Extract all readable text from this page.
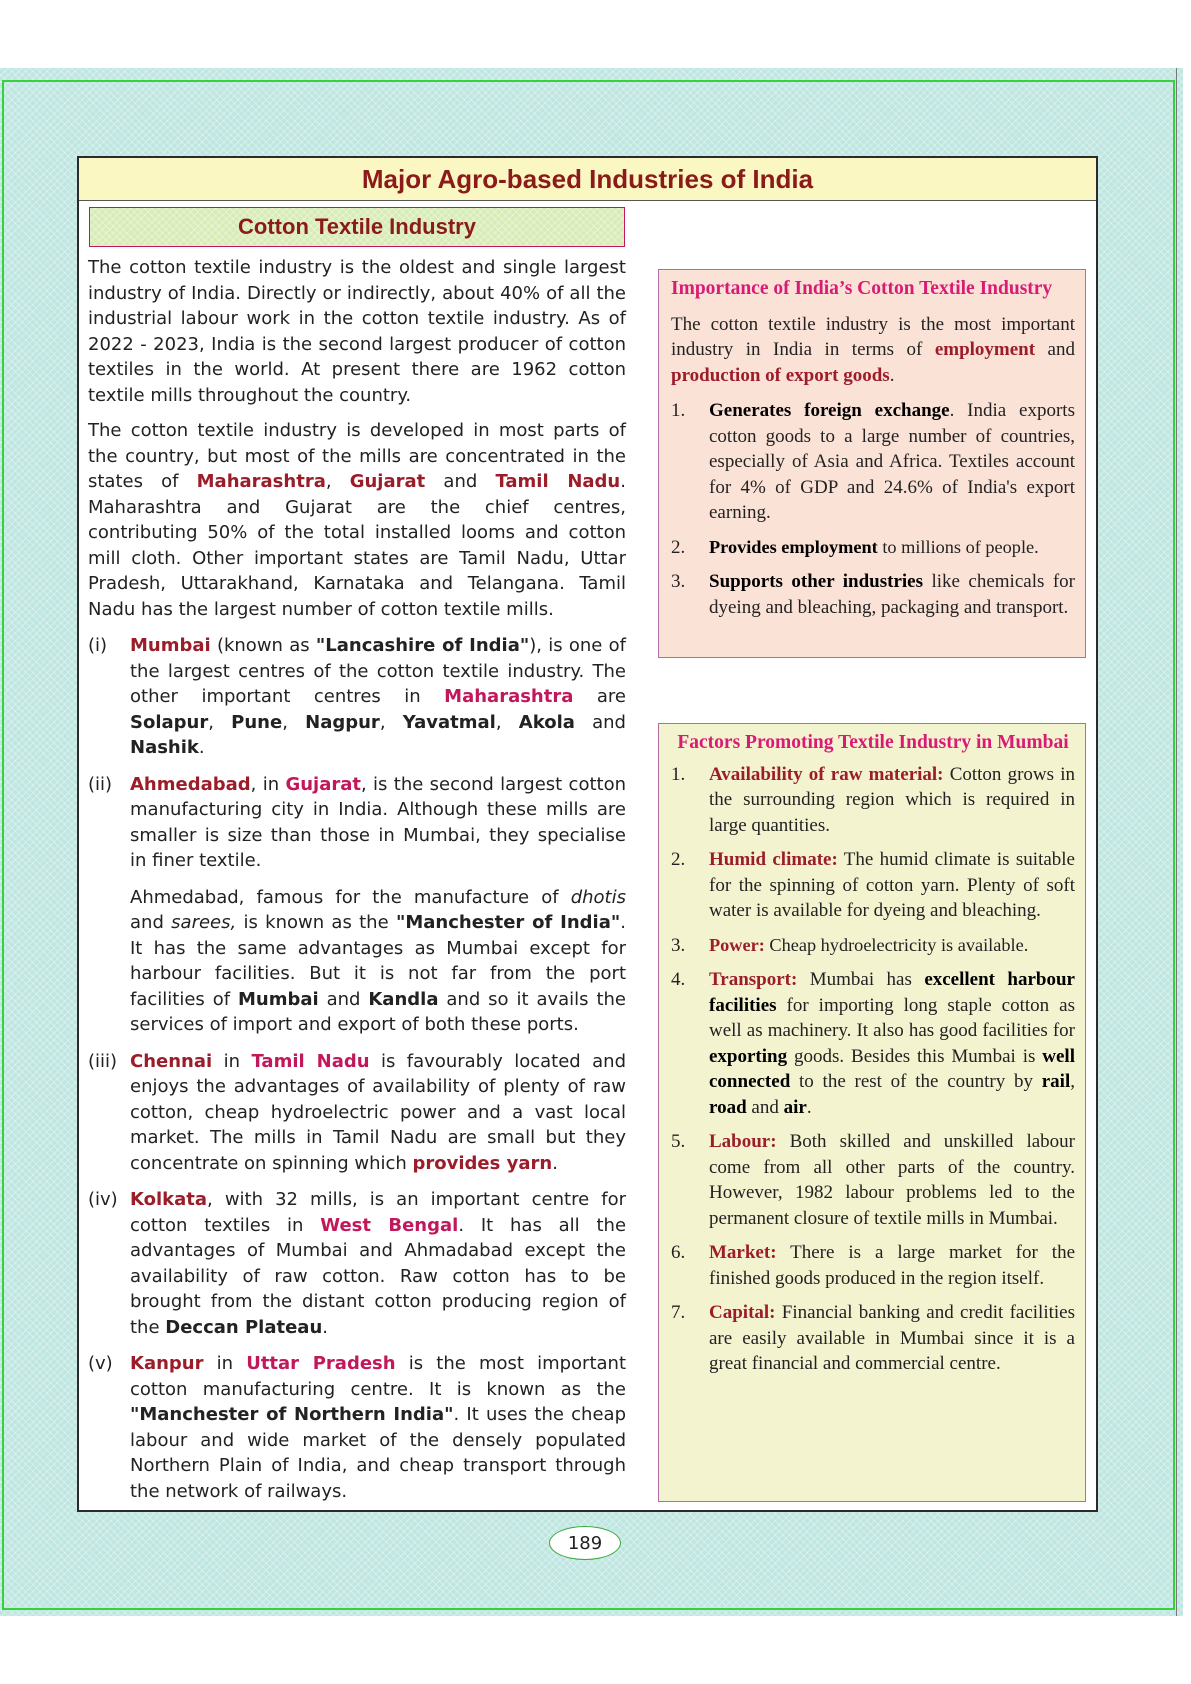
Major Agro-based Industries of India
Cotton Textile Industry

The cotton textile industry is the oldest and single largest industry of India. Directly or indirectly, about 40% of all the industrial labour work in the cotton textile industry. As of 2022 - 2023, India is the second largest producer of cotton textiles in the world. At present there are 1962 cotton textile mills throughout the country.

The cotton textile industry is developed in most parts of the country, but most of the mills are concentrated in the states of Maharashtra, Gujarat and Tamil Nadu. Maharashtra and Gujarat are the chief centres, contributing 50% of the total installed looms and cotton mill cloth. Other important states are Tamil Nadu, Uttar Pradesh, Uttarakhand, Karnataka and Telangana. Tamil Nadu has the largest number of cotton textile mills.

(i)	Mumbai (known as "Lancashire of India"), is one of the largest centres of the cotton textile industry. The other important centres in Maharashtra are Solapur, Pune, Nagpur, Yavatmal, Akola and Nashik.

(ii) Ahmedabad, in Gujarat, is the second largest cotton manufacturing city in India. Although these mills are smaller is size than those in Mumbai, they specialise in finer textile.

Ahmedabad, famous for the manufacture of dhotis and sarees, is known as the "Manchester of India". It has the same advantages as Mumbai except for harbour facilities. But it is not far from the port facilities of Mumbai and Kandla and so it avails the services of import and export of both these ports.

(iii) Chennai in Tamil Nadu is favourably located and enjoys the advantages of availability of plenty of raw cotton, cheap hydroelectric power and a vast local market. The mills in Tamil Nadu are small but they concentrate on spinning which provides yarn.

(iv) Kolkata, with 32 mills, is an important centre for cotton textiles in West Bengal. It has all the advantages of Mumbai and Ahmadabad except the availability of raw cotton. Raw cotton has to be brought from the distant cotton producing region of the Deccan Plateau.

(v) Kanpur in Uttar Pradesh is the most important cotton manufacturing centre. It is known as the "Manchester of Northern India". It uses the cheap labour and wide market of the densely populated Northern Plain of India, and cheap transport through the network of railways.

Importance of India’s Cotton Textile Industry
The cotton textile industry is the most important industry in India in terms of employment and production of export goods.
1.	Generates foreign exchange. India exports cotton goods to a large number of countries, especially of Asia and Africa. Textiles account for 4% of GDP and 24.6% of India's export earning.
2.	Provides employment to millions of people.
3.	Supports other industries like chemicals for dyeing and bleaching, packaging and transport.
Factors Promoting Textile Industry in Mumbai
1.	Availability of raw material: Cotton grows in the surrounding region which is required in large quantities.
2.	Humid climate: The humid climate is suitable for the spinning of cotton yarn. Plenty of soft water is available for dyeing and bleaching.
3.	Power: Cheap hydroelectricity is available.
4.	Transport: Mumbai has excellent harbour facilities for importing long staple cotton as well as machinery. It also has good facilities for exporting goods. Besides this Mumbai is well connected to the rest of the country by rail, road and air.
5.	Labour: Both skilled and unskilled labour come from all other parts of the country. However, 1982 labour problems led to the permanent closure of textile mills in Mumbai.
6.	Market: There is a large market for the finished goods produced in the region itself.
7.	Capital: Financial banking and credit facilities are easily available in Mumbai since it is a great financial and commercial centre.
189
